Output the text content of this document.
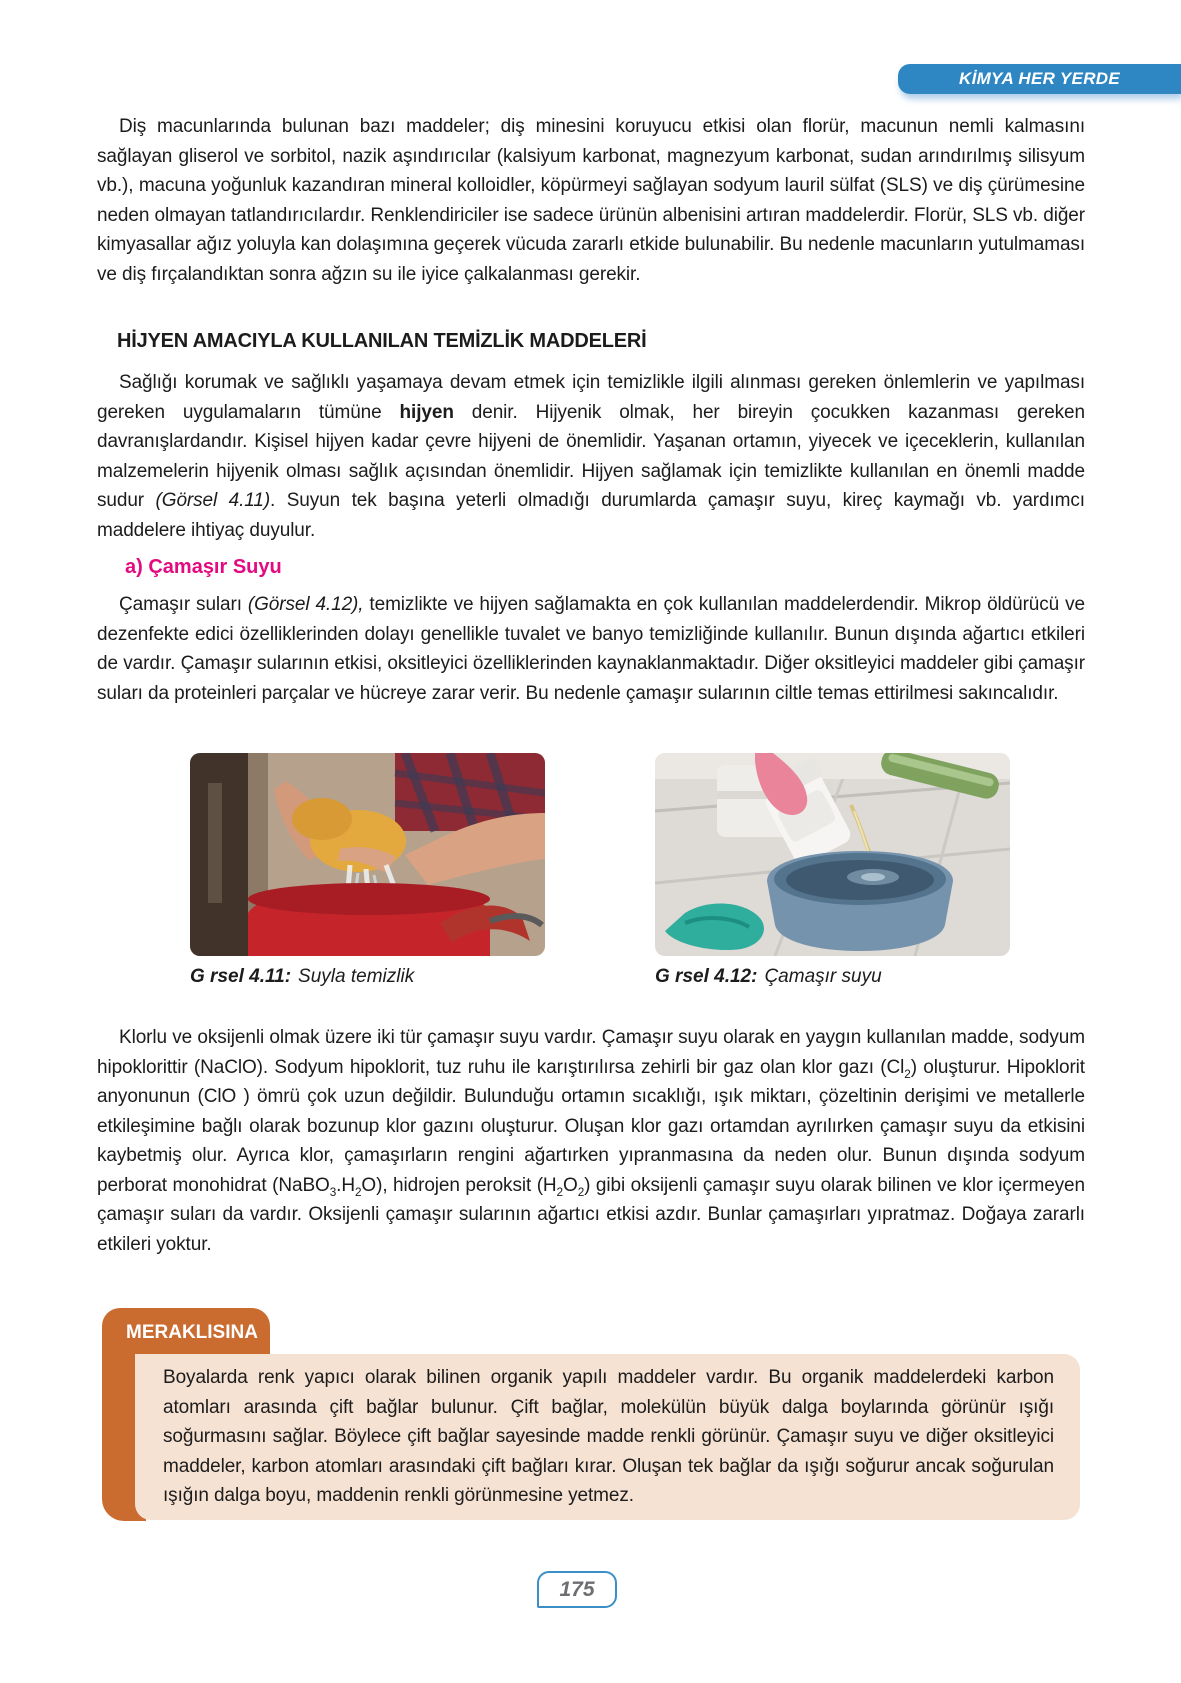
KİMYA HER YERDE
Diş macunlarında bulunan bazı maddeler; diş minesini koruyucu etkisi olan florür, macunun nemli kalmasını sağlayan gliserol ve sorbitol, nazik aşındırıcılar (kalsiyum karbonat, magnezyum karbonat, sudan arındırılmış silisyum vb.), macuna yoğunluk kazandıran mineral kolloidler, köpürmeyi sağlayan sodyum lauril sülfat (SLS) ve diş çürümesine neden olmayan tatlandırıcılardır. Renklendiriciler ise sadece ürünün albenisini artıran maddelerdir. Florür, SLS vb. diğer kimyasallar ağız yoluyla kan dolaşımına geçerek vücuda zararlı etkide bulunabilir. Bu nedenle macunların yutulmaması ve diş fırçalandıktan sonra ağzın su ile iyice çalkalanması gerekir.
HİJYEN AMACIYLA KULLANILAN TEMİZLİK MADDELERİ
Sağlığı korumak ve sağlıklı yaşamaya devam etmek için temizlikle ilgili alınması gereken önlemlerin ve yapılması gereken uygulamaların tümüne hijyen denir. Hijyenik olmak, her bireyin çocukken kazanması gereken davranışlardandır. Kişisel hijyen kadar çevre hijyeni de önemlidir. Yaşanan ortamın, yiyecek ve içeceklerin, kullanılan malzemelerin hijyenik olması sağlık açısından önemlidir. Hijyen sağlamak için temizlikte kullanılan en önemli madde sudur (Görsel 4.11). Suyun tek başına yeterli olmadığı durumlarda çamaşır suyu, kireç kaymağı vb. yardımcı maddelere ihtiyaç duyulur.
a) Çamaşır Suyu
Çamaşır suları (Görsel 4.12), temizlikte ve hijyen sağlamakta en çok kullanılan maddelerdendir. Mikrop öldürücü ve dezenfekte edici özelliklerinden dolayı genellikle tuvalet ve banyo temizliğinde kullanılır. Bunun dışında ağartıcı etkileri de vardır. Çamaşır sularının etkisi, oksitleyici özelliklerinden kaynaklanmaktadır. Diğer oksitleyici maddeler gibi çamaşır suları da proteinleri parçalar ve hücreye zarar verir. Bu nedenle çamaşır sularının ciltle temas ettirilmesi sakıncalıdır.
G rsel 4.11: Suyla temizlik	G rsel 4.12: Çamaşır suyu
Klorlu ve oksijenli olmak üzere iki tür çamaşır suyu vardır. Çamaşır suyu olarak en yaygın kullanılan madde, sodyum hipoklorittir (NaClO). Sodyum hipoklorit, tuz ruhu ile karıştırılırsa zehirli bir gaz olan klor gazı $(Cl_2)$ oluşturur. Hipoklorit anyonunun (ClO ) ömrü çok uzun değildir. Bulunduğu ortamın sıcaklığı, ışık miktarı, çözeltinin derişimi ve metallerle etkileşimine bağlı olarak bozunup klor gazını oluşturur. Oluşan klor gazı ortamdan ayrılırken çamaşır suyu da etkisini kaybetmiş olur. Ayrıca klor, çamaşırların rengini ağartırken yıpranmasına da neden olur. Bunun dışında sodyum perborat monohidrat $(NaBO_3.H_2O)$, hidrojen peroksit $(H_2O_2)$ gibi oksijenli çamaşır suyu olarak bilinen ve klor içermeyen çamaşır suları da vardır. Oksijenli çamaşır sularının ağartıcı etkisi azdır. Bunlar çamaşırları yıpratmaz. Doğaya zararlı etkileri yoktur.
MERAKLISINA
Boyalarda renk yapıcı olarak bilinen organik yapılı maddeler vardır. Bu organik maddelerdeki karbon atomları arasında çift bağlar bulunur. Çift bağlar, molekülün büyük dalga boylarında görünür ışığı soğurmasını sağlar. Böylece çift bağlar sayesinde madde renkli görünür. Çamaşır suyu ve diğer oksitleyici maddeler, karbon atomları arasındaki çift bağları kırar. Oluşan tek bağlar da ışığı soğurur ancak soğurulan ışığın dalga boyu, maddenin renkli görünmesine yetmez.
175
